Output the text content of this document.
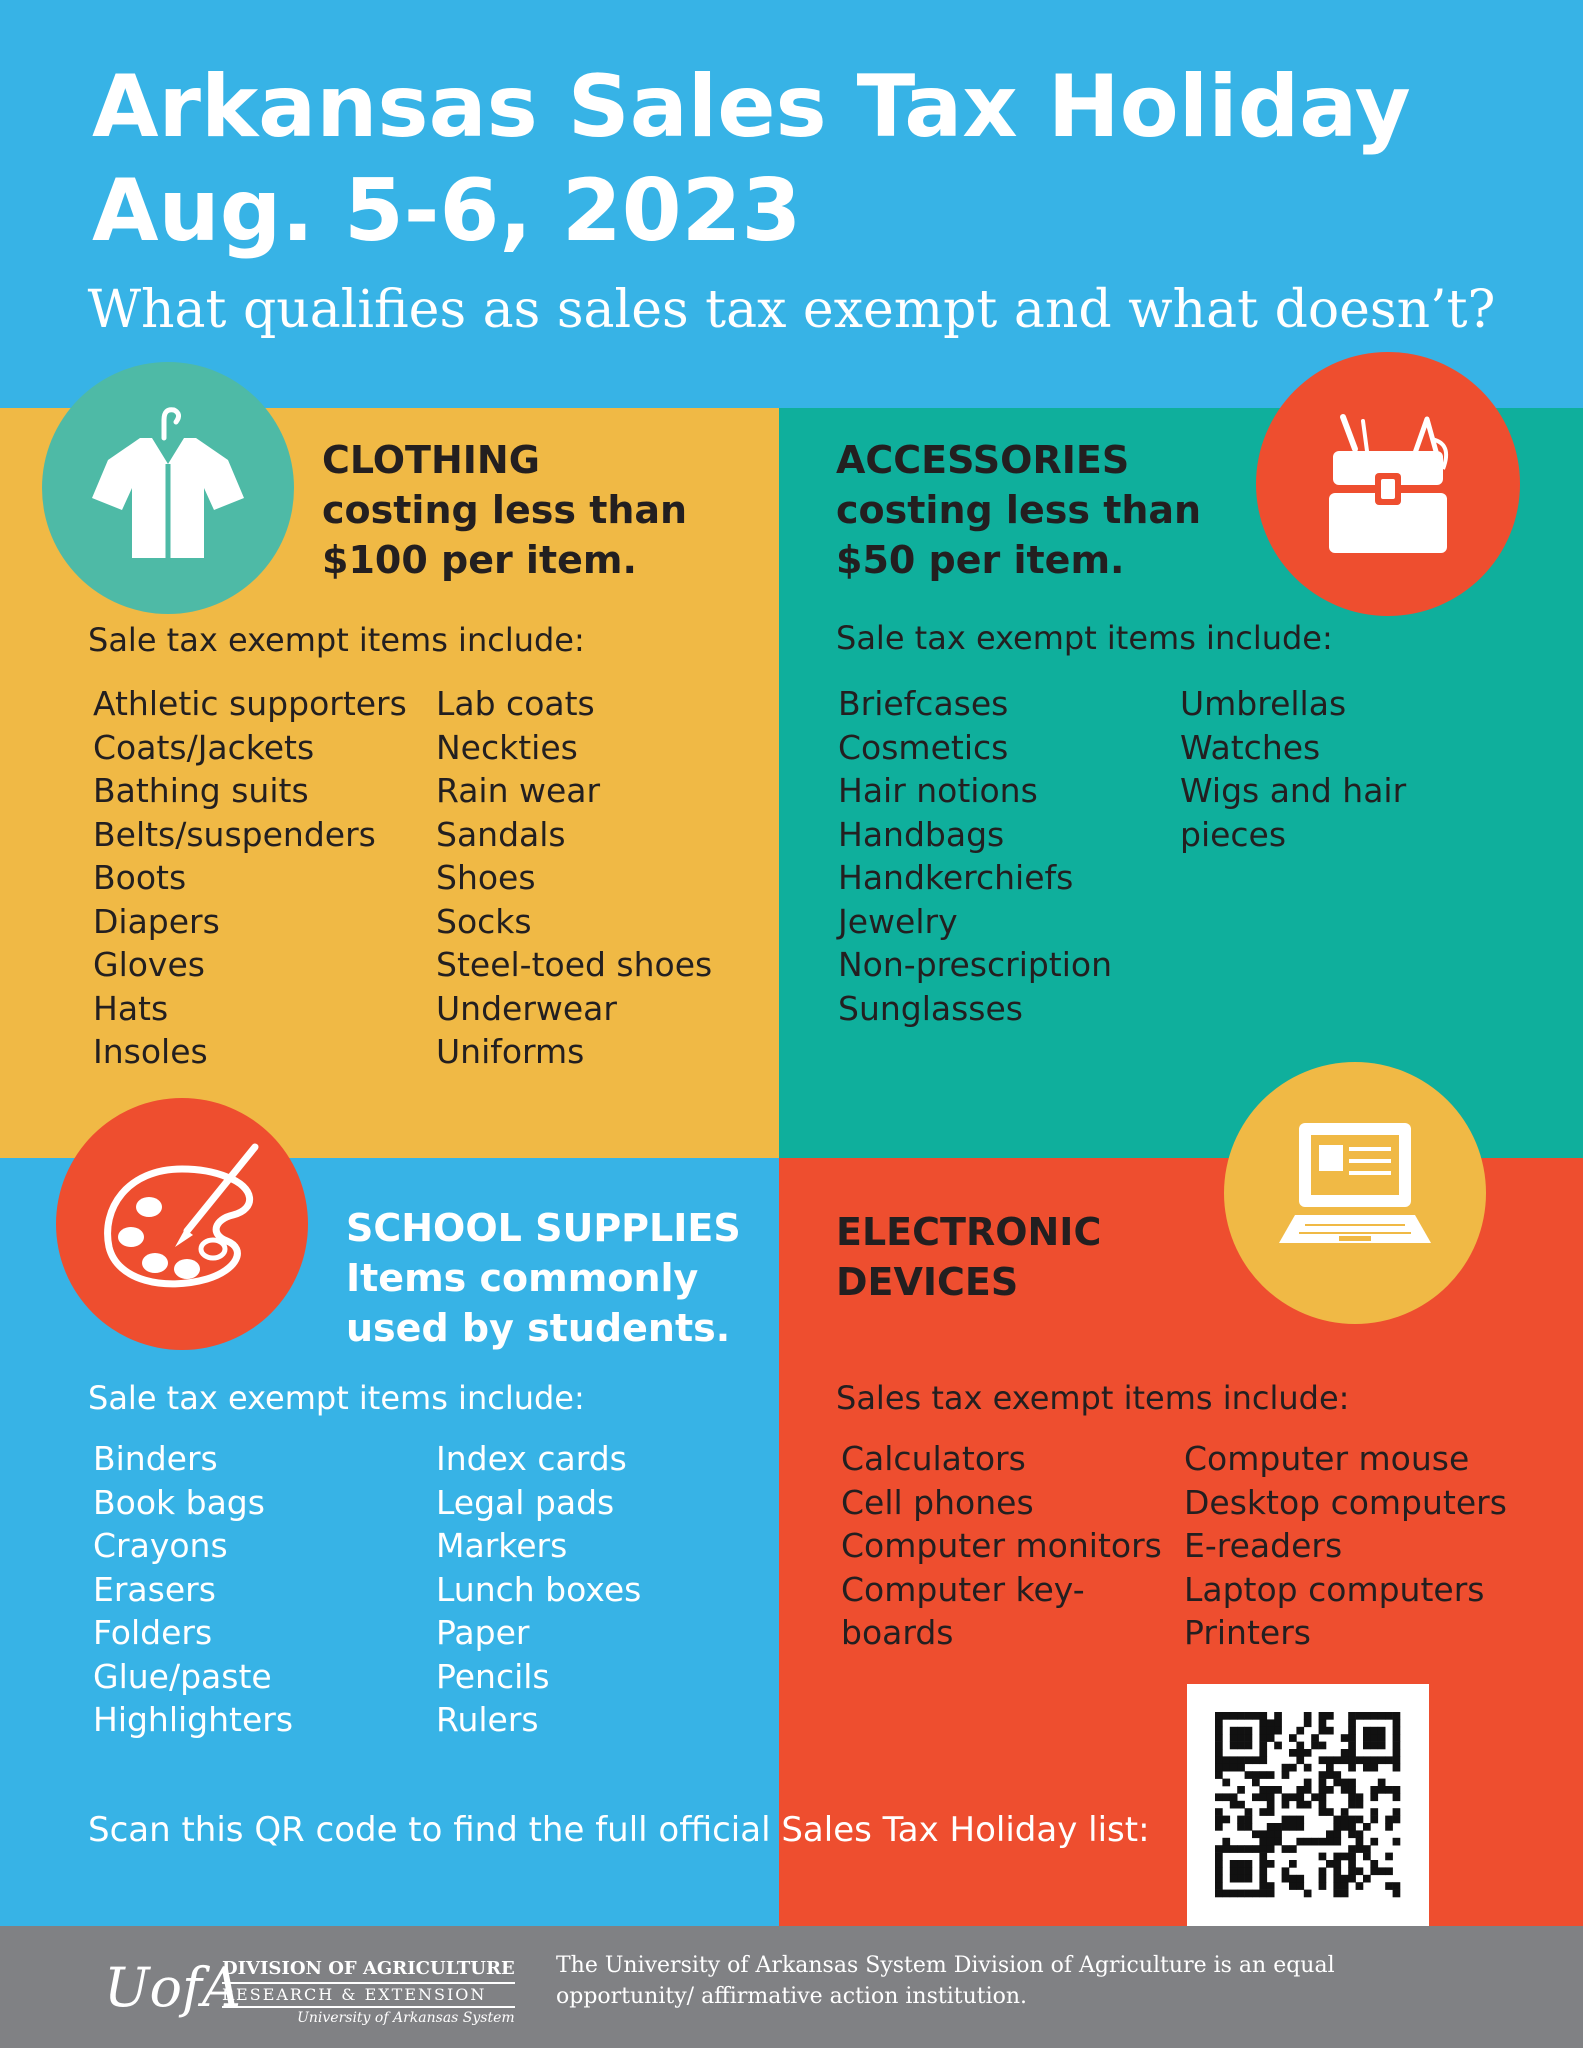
Arkansas Sales Tax Holiday
Aug. 5-6, 2023
What qualifies as sales tax exempt and what doesn’t?
CLOTHING
costing less than
$100 per item.
Sale tax exempt items include:
Athletic supporters
Coats/Jackets
Bathing suits
Belts/suspenders
Boots
Diapers
Gloves
Hats
Insoles
Lab coats
Neckties
Rain wear
Sandals
Shoes
Socks
Steel-toed shoes
Underwear
Uniforms
ACCESSORIES
costing less than
$50 per item.
Sale tax exempt items include:
Briefcases
Cosmetics
Hair notions
Handbags
Handkerchiefs
Jewelry
Non-prescription
Sunglasses
Umbrellas
Watches
Wigs and hair
pieces
SCHOOL SUPPLIES
Items commonly
used by students.
Sale tax exempt items include:
Binders
Book bags
Crayons
Erasers
Folders
Glue/paste
Highlighters
Index cards
Legal pads
Markers
Lunch boxes
Paper
Pencils
Rulers
ELECTRONIC
DEVICES
Sales tax exempt items include:
Calculators
Cell phones
Computer monitors
Computer key-
boards
Computer mouse
Desktop computers
E-readers
Laptop computers
Printers
Scan this QR code to find the full official Sales Tax Holiday list:
UofA
DIVISION OF AGRICULTURE
RESEARCH & EXTENSION
University of Arkansas System
The University of Arkansas System Division of Agriculture is an equal opportunity/ affirmative action institution.
